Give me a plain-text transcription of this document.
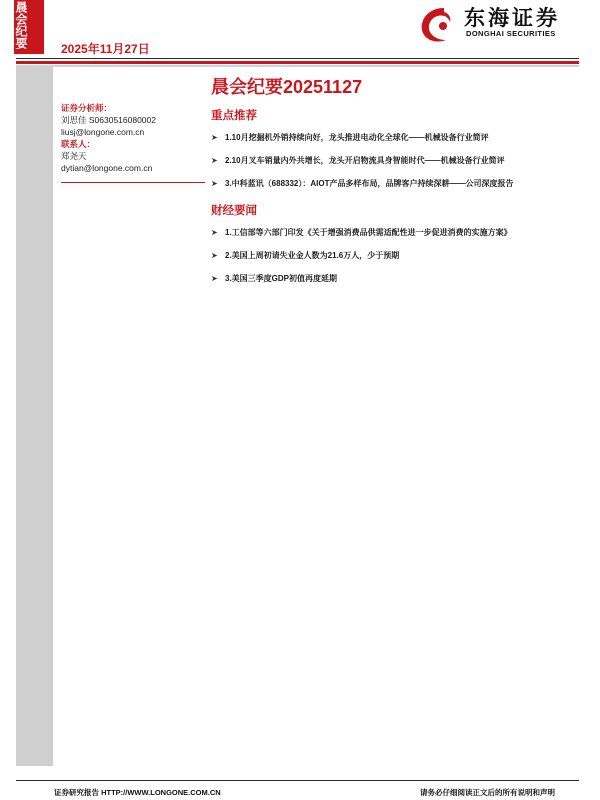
晨会纪要	2025年11月27日
东海证券
DONGHAI SECURITIES
证券分析师：
刘思佳 S0630516080002
liusj@longone.com.cn
联系人：
郑尧天
dytian@longone.com.cn
晨会纪要20251127
重点推荐
➤ 1.10月挖掘机外销持续向好，龙头推进电动化全球化——机械设备行业简评
➤ 2.10月叉车销量内外共增长，龙头开启物流具身智能时代——机械设备行业简评
➤ 3.中科蓝讯（688332）：AIOT产品多样布局，品牌客户持续深耕——公司深度报告
财经要闻
➤ 1.工信部等六部门印发《关于增强消费品供需适配性进一步促进消费的实施方案》
➤ 2.美国上周初请失业金人数为21.6万人，少于预期
➤ 3.美国三季度GDP初值再度延期
证券研究报告 HTTP://WWW.LONGONE.COM.CN	请务必仔细阅读正文后的所有说明和声明
